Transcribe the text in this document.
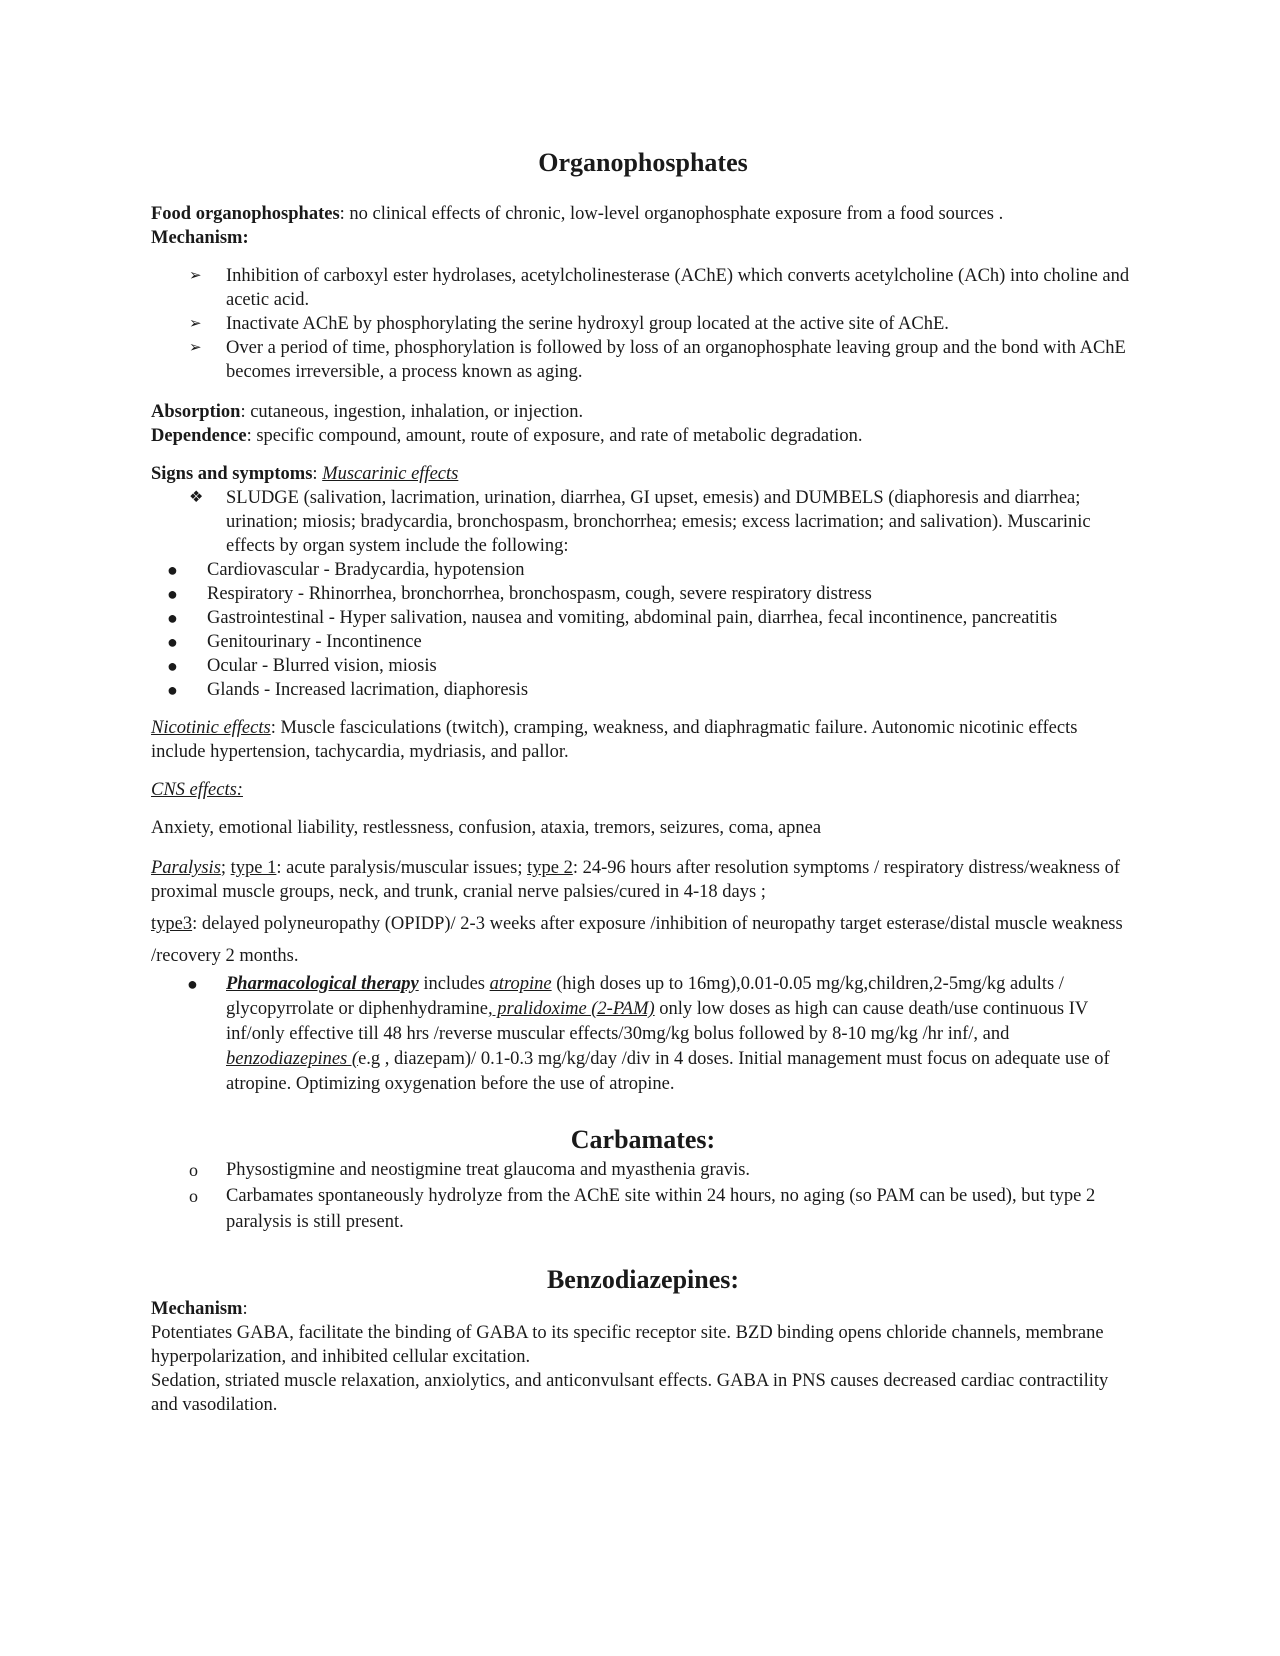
Organophosphates

Food organophosphates: no clinical effects of chronic, low-level organophosphate exposure from a food sources .

Mechanism:

➢ Inhibition of carboxyl ester hydrolases, acetylcholinesterase (AChE) which converts acetylcholine (ACh) into choline and acetic acid.
➢ Inactivate AChE by phosphorylating the serine hydroxyl group located at the active site of AChE.
➢ Over a period of time, phosphorylation is followed by loss of an organophosphate leaving group and the bond with AChE becomes irreversible, a process known as aging.

Absorption: cutaneous, ingestion, inhalation, or injection.

Dependence: specific compound, amount, route of exposure, and rate of metabolic degradation.

Signs and symptoms: Muscarinic effects

❖ SLUDGE (salivation, lacrimation, urination, diarrhea, GI upset, emesis) and DUMBELS (diaphoresis and diarrhea; urination; miosis; bradycardia, bronchospasm, bronchorrhea; emesis; excess lacrimation; and salivation). Muscarinic effects by organ system include the following:
● Cardiovascular - Bradycardia, hypotension
● Respiratory - Rhinorrhea, bronchorrhea, bronchospasm, cough, severe respiratory distress
● Gastrointestinal - Hyper salivation, nausea and vomiting, abdominal pain, diarrhea, fecal incontinence, pancreatitis
● Genitourinary - Incontinence
● Ocular - Blurred vision, miosis
● Glands - Increased lacrimation, diaphoresis

Nicotinic effects: Muscle fasciculations (twitch), cramping, weakness, and diaphragmatic failure. Autonomic nicotinic effects include hypertension, tachycardia, mydriasis, and pallor.

CNS effects:

Anxiety, emotional liability, restlessness, confusion, ataxia, tremors, seizures, coma, apnea

Paralysis; type 1: acute paralysis/muscular issues; type 2: 24-96 hours after resolution symptoms / respiratory distress/weakness of proximal muscle groups, neck, and trunk, cranial nerve palsies/cured in 4-18 days ;

type3: delayed polyneuropathy (OPIDP)/ 2-3 weeks after exposure /inhibition of neuropathy target esterase/distal muscle weakness /recovery 2 months.

● Pharmacological therapy includes atropine (high doses up to 16mg),0.01-0.05 mg/kg,children,2-5mg/kg adults / glycopyrrolate or diphenhydramine, pralidoxime (2-PAM) only low doses as high can cause death/use continuous IV inf/only effective till 48 hrs /reverse muscular effects/30mg/kg bolus followed by 8-10 mg/kg /hr inf/, and benzodiazepines (e.g , diazepam)/ 0.1-0.3 mg/kg/day /div in 4 doses. Initial management must focus on adequate use of atropine. Optimizing oxygenation before the use of atropine.
Carbamates:
o Physostigmine and neostigmine treat glaucoma and myasthenia gravis.
o Carbamates spontaneously hydrolyze from the AChE site within 24 hours, no aging (so PAM can be used), but type 2 paralysis is still present.
Benzodiazepines:

Mechanism:

Potentiates GABA, facilitate the binding of GABA to its specific receptor site. BZD binding opens chloride channels, membrane hyperpolarization, and inhibited cellular excitation.

Sedation, striated muscle relaxation, anxiolytics, and anticonvulsant effects. GABA in PNS causes decreased cardiac contractility and vasodilation.
